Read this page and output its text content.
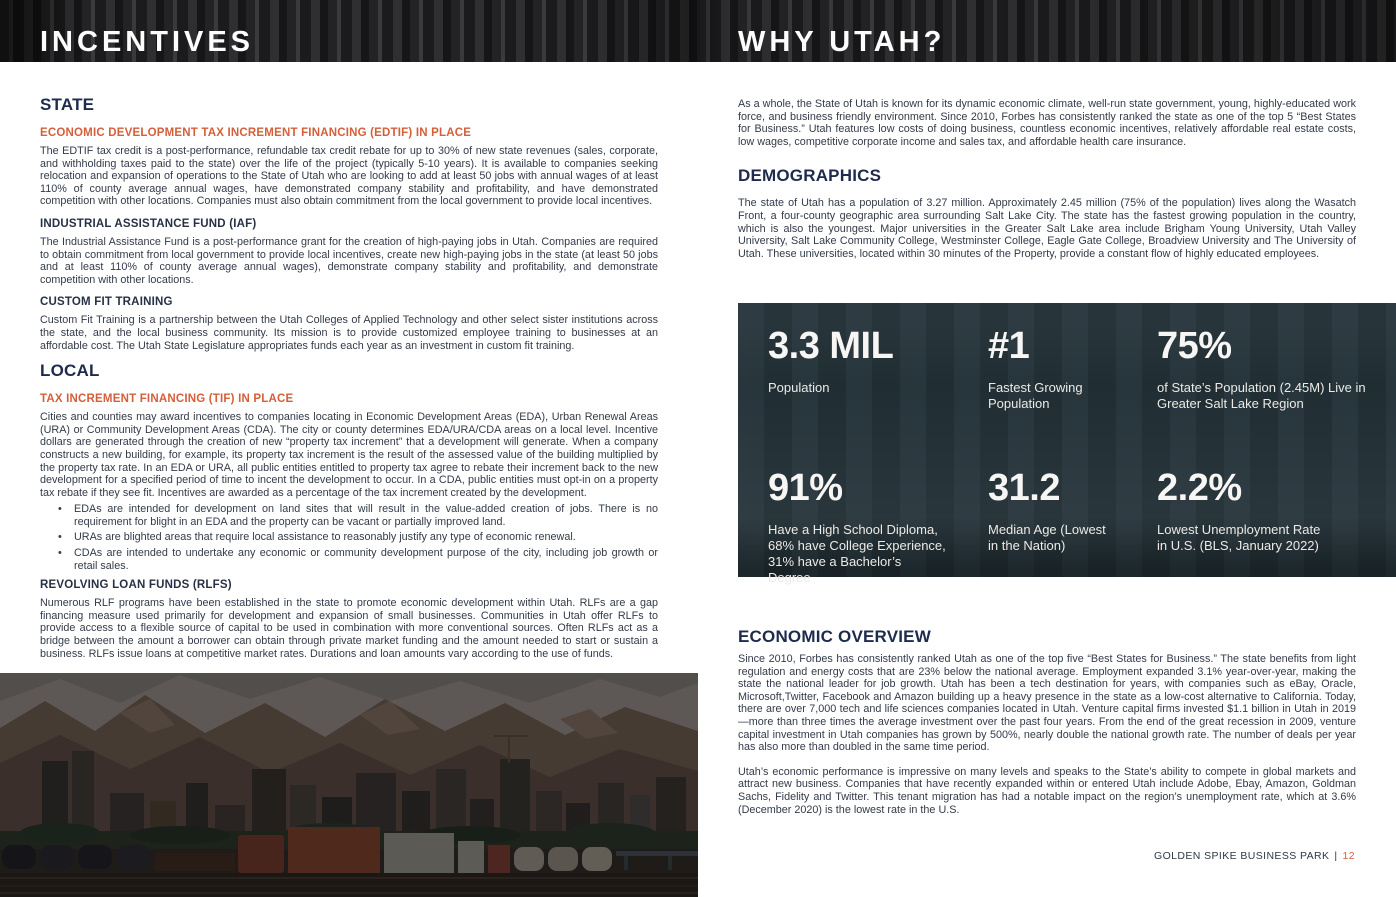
INCENTIVES	WHY UTAH?
STATE
ECONOMIC DEVELOPMENT TAX INCREMENT FINANCING (EDTIF) IN PLACE

The EDTIF tax credit is a post-performance, refundable tax credit rebate for up to 30% of new state revenues (sales, corporate, and withholding taxes paid to the state) over the life of the project (typically 5-10 years). It is available to companies seeking relocation and expansion of operations to the State of Utah who are looking to add at least 50 jobs with annual wages of at least 110% of county average annual wages, have demonstrated company stability and profitability, and have demonstrated competition with other locations. Companies must also obtain commitment from the local government to provide local incentives.

INDUSTRIAL ASSISTANCE FUND (IAF)

The Industrial Assistance Fund is a post-performance grant for the creation of high-paying jobs in Utah. Companies are required to obtain commitment from local government to provide local incentives, create new high-paying jobs in the state (at least 50 jobs and at least 110% of county average annual wages), demonstrate company stability and profitability, and demonstrate competition with other locations.

CUSTOM FIT TRAINING

Custom Fit Training is a partnership between the Utah Colleges of Applied Technology and other select sister institutions across the state, and the local business community. Its mission is to provide customized employee training to businesses at an affordable cost. The Utah State Legislature appropriates funds each year as an investment in custom fit training.

LOCAL
TAX INCREMENT FINANCING (TIF) IN PLACE

Cities and counties may award incentives to companies locating in Economic Development Areas (EDA), Urban Renewal Areas (URA) or Community Development Areas (CDA). The city or county determines EDA/URA/CDA areas on a local level. Incentive dollars are generated through the creation of new “property tax increment” that a development will generate. When a company constructs a new building, for example, its property tax increment is the result of the assessed value of the building multiplied by the property tax rate. In an EDA or URA, all public entities entitled to property tax agree to rebate their increment back to the new development for a specified period of time to incent the development to occur. In a CDA, public entities must opt-in on a property tax rebate if they see fit. Incentives are awarded as a percentage of the tax increment created by the development.

• EDAs are intended for development on land sites that will result in the value-added creation of jobs. There is no requirement for blight in an EDA and the property can be vacant or partially improved land.
• URAs are blighted areas that require local assistance to reasonably justify any type of economic renewal.
• CDAs are intended to undertake any economic or community development purpose of the city, including job growth or retail sales.
REVOLVING LOAN FUNDS (RLFS)

Numerous RLF programs have been established in the state to promote economic development within Utah. RLFs are a gap financing measure used primarily for development and expansion of small businesses. Communities in Utah offer RLFs to provide access to a flexible source of capital to be used in combination with more conventional sources. Often RLFs act as a bridge between the amount a borrower can obtain through private market funding and the amount needed to start or sustain a business. RLFs issue loans at competitive market rates. Durations and loan amounts vary according to the use of funds.

As a whole, the State of Utah is known for its dynamic economic climate, well-run state government, young, highly-educated work force, and business friendly environment. Since 2010, Forbes has consistently ranked the state as one of the top 5 “Best States for Business.” Utah features low costs of doing business, countless economic incentives, relatively affordable real estate costs, low wages, competitive corporate income and sales tax, and affordable health care insurance.

DEMOGRAPHICS

The state of Utah has a population of 3.27 million. Approximately 2.45 million (75% of the population) lives along the Wasatch Front, a four-county geographic area surrounding Salt Lake City. The state has the fastest growing population in the country, which is also the youngest. Major universities in the Greater Salt Lake area include Brigham Young University, Utah Valley University, Salt Lake Community College, Westminster College, Eagle Gate College, Broadview University and The University of Utah. These universities, located within 30 minutes of the Property, provide a constant flow of highly educated employees.

3.3 MIL
Population
#1
Fastest Growing Population
75%
of State’s Population (2.45M) Live in Greater Salt Lake Region
91%
Have a High School Diploma, 68% have College Experience, 31% have a Bachelor’s Degree
31.2
Median Age (Lowest in the Nation)
2.2%
Lowest Unemployment Rate in U.S. (BLS, January 2022)
ECONOMIC OVERVIEW

Since 2010, Forbes has consistently ranked Utah as one of the top five “Best States for Business.” The state benefits from light regulation and energy costs that are 23% below the national average. Employment expanded 3.1% year-over-year, making the state the national leader for job growth. Utah has been a tech destination for years, with companies such as eBay, Oracle, Microsoft,Twitter, Facebook and Amazon building up a heavy presence in the state as a low-cost alternative to California. Today, there are over 7,000 tech and life sciences companies located in Utah. Venture capital firms invested $1.1 billion in Utah in 2019—more than three times the average investment over the past four years. From the end of the great recession in 2009, venture capital investment in Utah companies has grown by 500%, nearly double the national growth rate. The number of deals per year has also more than doubled in the same time period.

Utah’s economic performance is impressive on many levels and speaks to the State’s ability to compete in global markets and attract new business. Companies that have recently expanded within or entered Utah include Adobe, Ebay, Amazon, Goldman Sachs, Fidelity and Twitter. This tenant migration has had a notable impact on the region’s unemployment rate, which at 3.6% (December 2020) is the lowest rate in the U.S.

GOLDEN SPIKE BUSINESS PARK | 12
